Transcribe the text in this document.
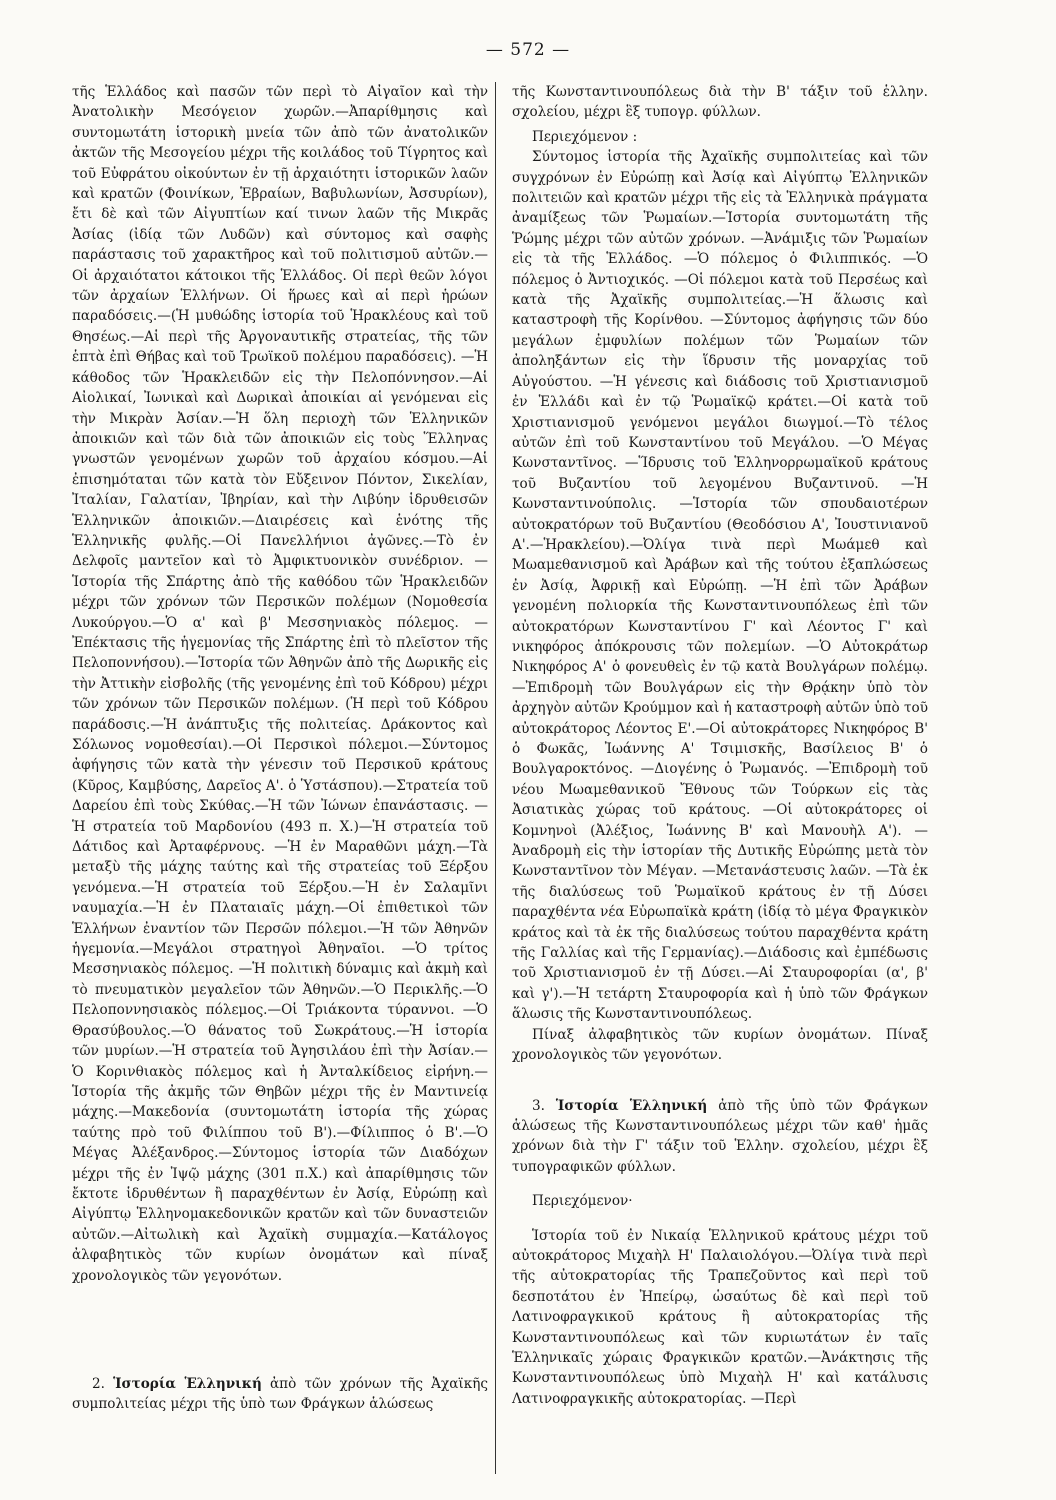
— 572 —

τῆς Ἑλλάδος καὶ πασῶν τῶν περὶ τὸ Αἰγαῖον καὶ τὴν Ἀνατολικὴν Μεσόγειον χωρῶν.—Ἀπαρίθμησις καὶ συντομωτάτη ἱστορικὴ μνεία τῶν ἀπὸ τῶν ἀνατολικῶν ἀκτῶν τῆς Μεσογείου μέχρι τῆς κοιλάδος τοῦ Τίγρητος καὶ τοῦ Εὐφράτου οἰκούντων ἐν τῇ ἀρχαιότητι ἱστορικῶν λαῶν καὶ κρατῶν (Φοινίκων, Ἑβραίων, Βαβυλωνίων, Ἀσσυρίων), ἔτι δὲ καὶ τῶν Αἰγυπτίων καί τινων λαῶν τῆς Μικρᾶς Ἀσίας (ἰδίᾳ τῶν Λυδῶν) καὶ σύντομος καὶ σαφὴς παράστασις τοῦ χαρακτῆρος καὶ τοῦ πολιτισμοῦ αὐτῶν.—Οἱ ἀρχαιότατοι κάτοικοι τῆς Ἑλλάδος. Οἱ περὶ θεῶν λόγοι τῶν ἀρχαίων Ἑλλήνων. Οἱ ἥρωες καὶ αἱ περὶ ἡρώων παραδόσεις.—(Ἡ μυθώδης ἱστορία τοῦ Ἡρακλέους καὶ τοῦ Θησέως.—Αἱ περὶ τῆς Ἀργοναυτικῆς στρατείας, τῆς τῶν ἑπτὰ ἐπὶ Θήβας καὶ τοῦ Τρωϊκοῦ πολέμου παραδόσεις). —Ἡ κάθοδος τῶν Ἡρακλειδῶν εἰς τὴν Πελοπόννησον.—Αἱ Αἰολικαί, Ἰωνικαὶ καὶ Δωρικαὶ ἀποικίαι αἱ γενόμεναι εἰς τὴν Μικρὰν Ἀσίαν.—Ἡ ὅλη περιοχὴ τῶν Ἑλληνικῶν ἀποικιῶν καὶ τῶν διὰ τῶν ἀποικιῶν εἰς τοὺς Ἕλληνας γνωστῶν γενομένων χωρῶν τοῦ ἀρχαίου κόσμου.—Αἱ ἐπισημόταται τῶν κατὰ τὸν Εὔξεινον Πόντον, Σικελίαν, Ἰταλίαν, Γαλατίαν, Ἰβηρίαν, καὶ τὴν Λιβύην ἱδρυθεισῶν Ἑλληνικῶν ἀποικιῶν.—Διαιρέσεις καὶ ἑνότης τῆς Ἑλληνικῆς φυλῆς.—Οἱ Πανελλήνιοι ἀγῶνες.—Τὸ ἐν Δελφοῖς μαντεῖον καὶ τὸ Ἀμφικτυονικὸν συνέδριον. —Ἱστορία τῆς Σπάρτης ἀπὸ τῆς καθόδου τῶν Ἡρακλειδῶν μέχρι τῶν χρόνων τῶν Περσικῶν πολέμων (Νομοθεσία Λυκούργου.—Ὁ α' καὶ β' Μεσσηνιακὸς πόλεμος. —Ἐπέκτασις τῆς ἡγεμονίας τῆς Σπάρτης ἐπὶ τὸ πλεῖστον τῆς Πελοποννήσου).—Ἱστορία τῶν Ἀθηνῶν ἀπὸ τῆς Δωρικῆς εἰς τὴν Ἀττικὴν εἰσβολῆς (τῆς γενομένης ἐπὶ τοῦ Κόδρου) μέχρι τῶν χρόνων τῶν Περσικῶν πολέμων. (Ἡ περὶ τοῦ Κόδρου παράδοσις.—Ἡ ἀνάπτυξις τῆς πολιτείας. Δράκοντος καὶ Σόλωνος νομοθεσίαι).—Οἱ Περσικοὶ πόλεμοι.—Σύντομος ἀφήγησις τῶν κατὰ τὴν γένεσιν τοῦ Περσικοῦ κράτους (Κῦρος, Καμβύσης, Δαρεῖος Α'. ὁ Ὑστάσπου).—Στρατεία τοῦ Δαρείου ἐπὶ τοὺς Σκύθας.—Ἡ τῶν Ἰώνων ἐπανάστασις. —Ἡ στρατεία τοῦ Μαρδονίου (493 π. Χ.)—Ἡ στρατεία τοῦ Δάτιδος καὶ Ἀρταφέρνους. —Ἡ ἐν Μαραθῶνι μάχη.—Τὰ μεταξὺ τῆς μάχης ταύτης καὶ τῆς στρατείας τοῦ Ξέρξου γενόμενα.—Ἡ στρατεία τοῦ Ξέρξου.—Ἡ ἐν Σαλαμῖνι ναυμαχία.—Ἡ ἐν Πλαταιαῖς μάχη.—Οἱ ἐπιθετικοὶ τῶν Ἑλλήνων ἐναντίον τῶν Περσῶν πόλεμοι.—Ἡ τῶν Ἀθηνῶν ἡγεμονία.—Μεγάλοι στρατηγοὶ Ἀθηναῖοι. —Ὁ τρίτος Μεσσηνιακὸς πόλεμος. —Ἡ πολιτικὴ δύναμις καὶ ἀκμὴ καὶ τὸ πνευματικὸν μεγαλεῖον τῶν Ἀθηνῶν.—Ὁ Περικλῆς.—Ὁ Πελοποννησιακὸς πόλεμος.—Οἱ Τριάκοντα τύραννοι. —Ὁ Θρασύβουλος.—Ὁ θάνατος τοῦ Σωκράτους.—Ἡ ἱστορία τῶν μυρίων.—Ἡ στρατεία τοῦ Ἀγησιλάου ἐπὶ τὴν Ἀσίαν.—Ὁ Κορινθιακὸς πόλεμος καὶ ἡ Ἀνταλκίδειος εἰρήνη.—Ἱστορία τῆς ἀκμῆς τῶν Θηβῶν μέχρι τῆς ἐν Μαντινείᾳ μάχης.—Μακεδονία (συντομωτάτη ἱστορία τῆς χώρας ταύτης πρὸ τοῦ Φιλίππου τοῦ Β').—Φίλιππος ὁ Β'.—Ὁ Μέγας Ἀλέξανδρος.—Σύντομος ἱστορία τῶν Διαδόχων μέχρι τῆς ἐν Ἰψῷ μάχης (301 π.Χ.) καὶ ἀπαρίθμησις τῶν ἔκτοτε ἱδρυθέντων ἢ παραχθέντων ἐν Ἀσίᾳ, Εὐρώπῃ καὶ Αἰγύπτῳ Ἑλληνομακεδονικῶν κρατῶν καὶ τῶν δυναστειῶν αὐτῶν.—Αἰτωλικὴ καὶ Ἀχαϊκὴ συμμαχία.—Κατάλογος ἀλφαβητικὸς τῶν κυρίων ὀνομάτων καὶ πίναξ χρονολογικὸς τῶν γεγονότων.

2. Ἱστορία Ἑλληνική ἀπὸ τῶν χρόνων τῆς Ἀχαϊκῆς συμπολιτείας μέχρι τῆς ὑπὸ των Φράγκων ἁλώσεως

τῆς Κωνσταντινουπόλεως διὰ τὴν Β' τάξιν τοῦ ἑλλην. σχολείου, μέχρι ἓξ τυπογρ. φύλλων.

Περιεχόμενον :

Σύντομος ἱστορία τῆς Ἀχαϊκῆς συμπολιτείας καὶ τῶν συγχρόνων ἐν Εὐρώπῃ καὶ Ἀσίᾳ καὶ Αἰγύπτῳ Ἑλληνικῶν πολιτειῶν καὶ κρατῶν μέχρι τῆς εἰς τὰ Ἑλληνικὰ πράγματα ἀναμίξεως τῶν Ῥωμαίων.—Ἱστορία συντομωτάτη τῆς Ῥώμης μέχρι τῶν αὐτῶν χρόνων. —Ἀνάμιξις τῶν Ῥωμαίων εἰς τὰ τῆς Ἑλλάδος. —Ὁ πόλεμος ὁ Φιλιππικός. —Ὁ πόλεμος ὁ Ἀντιοχικός. —Οἱ πόλεμοι κατὰ τοῦ Περσέως καὶ κατὰ τῆς Ἀχαϊκῆς συμπολιτείας.—Ἡ ἅλωσις καὶ καταστροφὴ τῆς Κορίνθου. —Σύντομος ἀφήγησις τῶν δύο μεγάλων ἐμφυλίων πολέμων τῶν Ῥωμαίων τῶν ἀποληξάντων εἰς τὴν ἵδρυσιν τῆς μοναρχίας τοῦ Αὐγούστου. —Ἡ γένεσις καὶ διάδοσις τοῦ Χριστιανισμοῦ ἐν Ἑλλάδι καὶ ἐν τῷ Ῥωμαϊκῷ κράτει.—Οἱ κατὰ τοῦ Χριστιανισμοῦ γενόμενοι μεγάλοι διωγμοί.—Τὸ τέλος αὐτῶν ἐπὶ τοῦ Κωνσταντίνου τοῦ Μεγάλου. —Ὁ Μέγας Κωνσταντῖνος. —Ἵδρυσις τοῦ Ἑλληνορρωμαϊκοῦ κράτους τοῦ Βυζαντίου τοῦ λεγομένου Βυζαντινοῦ. —Ἡ Κωνσταντινούπολις. —Ἱστορία τῶν σπουδαιοτέρων αὐτοκρατόρων τοῦ Βυζαντίου (Θεοδόσιου Α', Ἰουστινιανοῦ Α'.—Ἡρακλείου).—Ὀλίγα τινὰ περὶ Μωάμεθ καὶ Μωαμεθανισμοῦ καὶ Ἀράβων καὶ τῆς τούτου ἐξαπλώσεως ἐν Ἀσίᾳ, Ἀφρικῇ καὶ Εὐρώπῃ. —Ἡ ἐπὶ τῶν Ἀράβων γενομένη πολιορκία τῆς Κωνσταντινουπόλεως ἐπὶ τῶν αὐτοκρατόρων Κωνσταντίνου Γ' καὶ Λέοντος Γ' καὶ νικηφόρος ἀπόκρουσις τῶν πολεμίων. —Ὁ Αὐτοκράτωρ Νικηφόρος Α' ὁ φονευθεὶς ἐν τῷ κατὰ Βουλγάρων πολέμῳ. —Ἐπιδρομὴ τῶν Βουλγάρων εἰς τὴν Θρᾴκην ὑπὸ τὸν ἀρχηγὸν αὐτῶν Κρούμμον καὶ ἡ καταστροφὴ αὐτῶν ὑπὸ τοῦ αὐτοκράτορος Λέοντος Ε'.—Οἱ αὐτοκράτορες Νικηφόρος Β' ὁ Φωκᾶς, Ἰωάννης Α' Τσιμισκῆς, Βασίλειος Β' ὁ Βουλγαροκτόνος. —Διογένης ὁ Ῥωμανός. —Ἐπιδρομὴ τοῦ νέου Μωαμεθανικοῦ Ἔθνους τῶν Τούρκων εἰς τὰς Ἀσιατικὰς χώρας τοῦ κράτους. —Οἱ αὐτοκράτορες οἱ Κομνηνοὶ (Ἀλέξιος, Ἰωάννης Β' καὶ Μανουὴλ Α'). —Ἀναδρομὴ εἰς τὴν ἱστορίαν τῆς Δυτικῆς Εὐρώπης μετὰ τὸν Κωνσταντῖνον τὸν Μέγαν. —Μετανάστευσις λαῶν. —Τὰ ἐκ τῆς διαλύσεως τοῦ Ῥωμαϊκοῦ κράτους ἐν τῇ Δύσει παραχθέντα νέα Εὐρωπαϊκὰ κράτη (ἰδίᾳ τὸ μέγα Φραγκικὸν κράτος καὶ τὰ ἐκ τῆς διαλύσεως τούτου παραχθέντα κράτη τῆς Γαλλίας καὶ τῆς Γερμανίας).—Διάδοσις καὶ ἐμπέδωσις τοῦ Χριστιανισμοῦ ἐν τῇ Δύσει.—Αἱ Σταυροφορίαι (α', β' καὶ γ').—Ἡ τετάρτη Σταυροφορία καὶ ἡ ὑπὸ τῶν Φράγκων ἅλωσις τῆς Κωνσταντινουπόλεως.

Πίναξ ἀλφαβητικὸς τῶν κυρίων ὀνομάτων. Πίναξ χρονολογικὸς τῶν γεγονότων.

3. Ἱστορία Ἑλληνική ἀπὸ τῆς ὑπὸ τῶν Φράγκων ἁλώσεως τῆς Κωνσταντινουπόλεως μέχρι τῶν καθ' ἡμᾶς χρόνων διὰ τὴν Γ' τάξιν τοῦ Ἑλλην. σχολείου, μέχρι ἓξ τυπογραφικῶν φύλλων.

Περιεχόμενον·

Ἱστορία τοῦ ἐν Νικαίᾳ Ἑλληνικοῦ κράτους μέχρι τοῦ αὐτοκράτορος Μιχαὴλ Η' Παλαιολόγου.—Ὀλίγα τινὰ περὶ τῆς αὐτοκρατορίας τῆς Τραπεζοῦντος καὶ περὶ τοῦ δεσποτάτου ἐν Ἠπείρῳ, ὡσαύτως δὲ καὶ περὶ τοῦ Λατινοφραγκικοῦ κράτους ἢ αὐτοκρατορίας τῆς Κωνσταντινουπόλεως καὶ τῶν κυριωτάτων ἐν ταῖς Ἑλληνικαῖς χώραις Φραγκικῶν κρατῶν.—Ἀνάκτησις τῆς Κωνσταντινουπόλεως ὑπὸ Μιχαὴλ Η' καὶ κατάλυσις Λατινοφραγκικῆς αὐτοκρατορίας. —Περὶ
